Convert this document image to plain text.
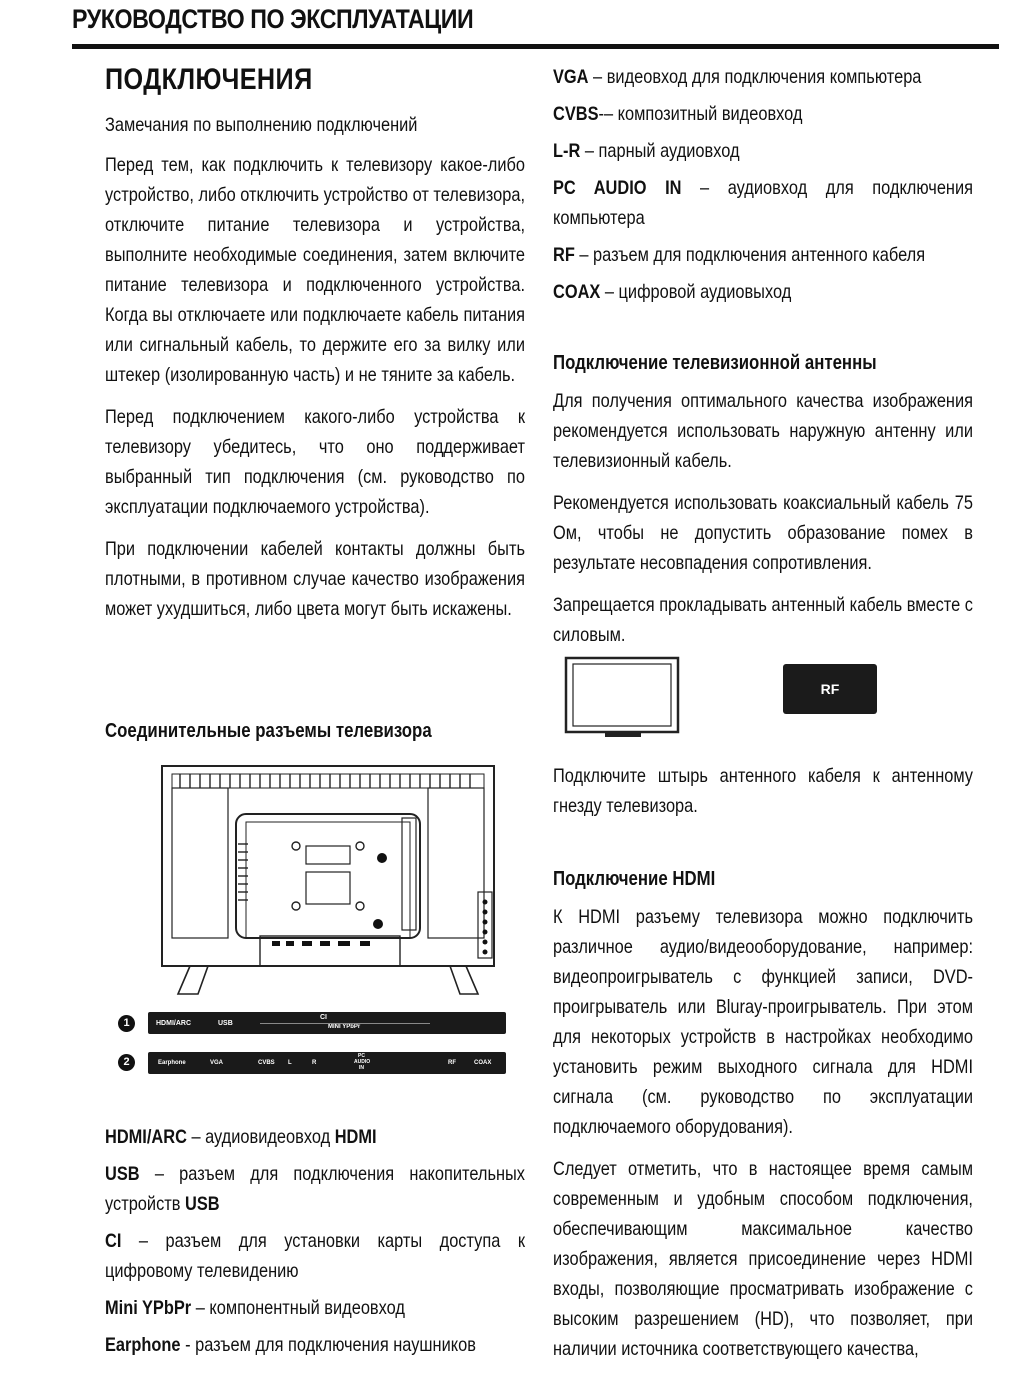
РУКОВОДСТВО ПО ЭКСПЛУАТАЦИИ
ПОДКЛЮЧЕНИЯ

Замечания по выполнению подключений

Перед тем, как подключить к телевизору какое-либо устройство, либо отключить устройство от телевизора, отключите питание телевизора и устройства, выполните необходимые соединения, затем включите питание телевизора и подключенного устройства. Когда вы отключаете или подключаете кабель питания или сигнальный кабель, то держите его за вилку или штекер (изолированную часть) и не тяните за кабель.

Перед подключением какого-либо устройства к телевизору убедитесь, что оно поддерживает выбранный тип подключения (см. руководство по эксплуатации подключаемого устройства).

При подключении кабелей контакты должны быть плотными, в противном случае качество изображения может ухудшиться, либо цвета могут быть искажены.

Соединительные разъемы телевизора
1	HDMI/ARC	USB
CI
MINI YPbPr
2	Earphone	VGA	CVBS L	R
PC
AUDIO
IN
RF	COAX

HDMI/ARC – аудиовидеовход HDMI

USB – разъем для подключения накопительных устройств USB

CI – разъем для установки карты доступа к цифровому телевидению

Mini YPbPr – компонентный видеовход

Earphone - разъем для подключения наушников

VGA – видеовход для подключения компьютера

CVBS-– композитный видеовход

L-R – парный аудиовход

PC AUDIO IN – аудиовход для подключения компьютера

RF – разъем для подключения антенного кабеля

COAX – цифровой аудиовыход

Подключение телевизионной антенны

Для получения оптимального качества изображения рекомендуется использовать наружную антенну или телевизионный кабель.

Рекомендуется использовать коаксиальный кабель 75 Ом, чтобы не допустить образование помех в результате несовпадения сопротивления.

Запрещается прокладывать антенный кабель вместе с силовым.

RF

Подключите штырь антенного кабеля к антенному гнезду телевизора.

Подключение HDMI

К HDMI разъему телевизора можно подключить различное аудио/видеооборудование, например: видеопроигрыватель с функцией записи, DVD-проигрыватель или Bluray-проигрыватель. При этом для некоторых устройств в настройках необходимо установить режим выходного сигнала для HDMI сигнала (см. руководство по эксплуатации подключаемого оборудования).

Следует отметить, что в настоящее время самым современным и удобным способом подключения, обеспечивающим максимальное качество изображения, является присоединение через HDMI входы, позволяющие просматривать изображение с высоким разрешением (HD), что позволяет, при наличии источника соответствующего качества,
